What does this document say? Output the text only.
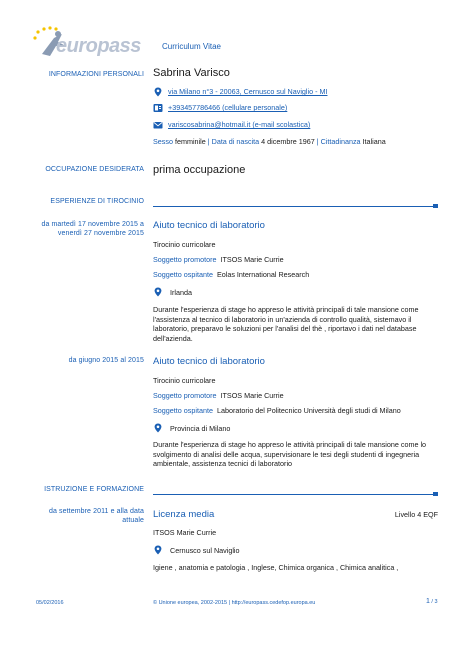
europass	Curriculum Vitae
INFORMAZIONI PERSONALI Sabrina Varisco
via Milano n°3 - 20063, Cernusco sul Naviglio - MI
+393457786466 (cellulare personale)
variscosabrina@hotmail.it (e-mail scolastica)
Sesso femminile | Data di nascita 4 dicembre 1967 | Cittadinanza Italiana
OCCUPAZIONE DESIDERATA prima occupazione
ESPERIENZE DI TIROCINIO
da martedì 17 novembre 2015 a venerdì 27 novembre 2015
Aiuto tecnico di laboratorio
Tirocinio curricolare
Soggetto promotore ITSOS Marie Currie
Soggetto ospitante Eolas International Research
Irlanda
Durante l'esperienza di stage ho appreso le attività principali di tale mansione come l'assistenza al tecnico di laboratorio in un'azienda di controllo qualità, sistemavo il laboratorio, preparavo le soluzioni per l'analisi del thè , riportavo i dati nel database dell'azienda.
da giugno 2015 al 2015 Aiuto tecnico di laboratorio
Tirocinio curricolare
Soggetto promotore ITSOS Marie Currie
Soggetto ospitante Laboratorio del Politecnico Università degli studi di Milano
Provincia di Milano
Durante l'esperienza di stage ho appreso le attività principali di tale mansione come lo svolgimento di analisi delle acqua, supervisionare le tesi degli studenti di ingegneria ambientale, assistenza tecnici di laboratorio
ISTRUZIONE E FORMAZIONE
da settembre 2011 e alla data attuale
Licenza media	Livello 4 EQF
ITSOS Marie Currie
Cernusco sul Naviglio
Igiene , anatomia e patologia , Inglese, Chimica organica , Chimica analitica ,
05/02/2016	© Unione europea, 2002-2015 | http://europass.cedefop.europa.eu	1 / 3
